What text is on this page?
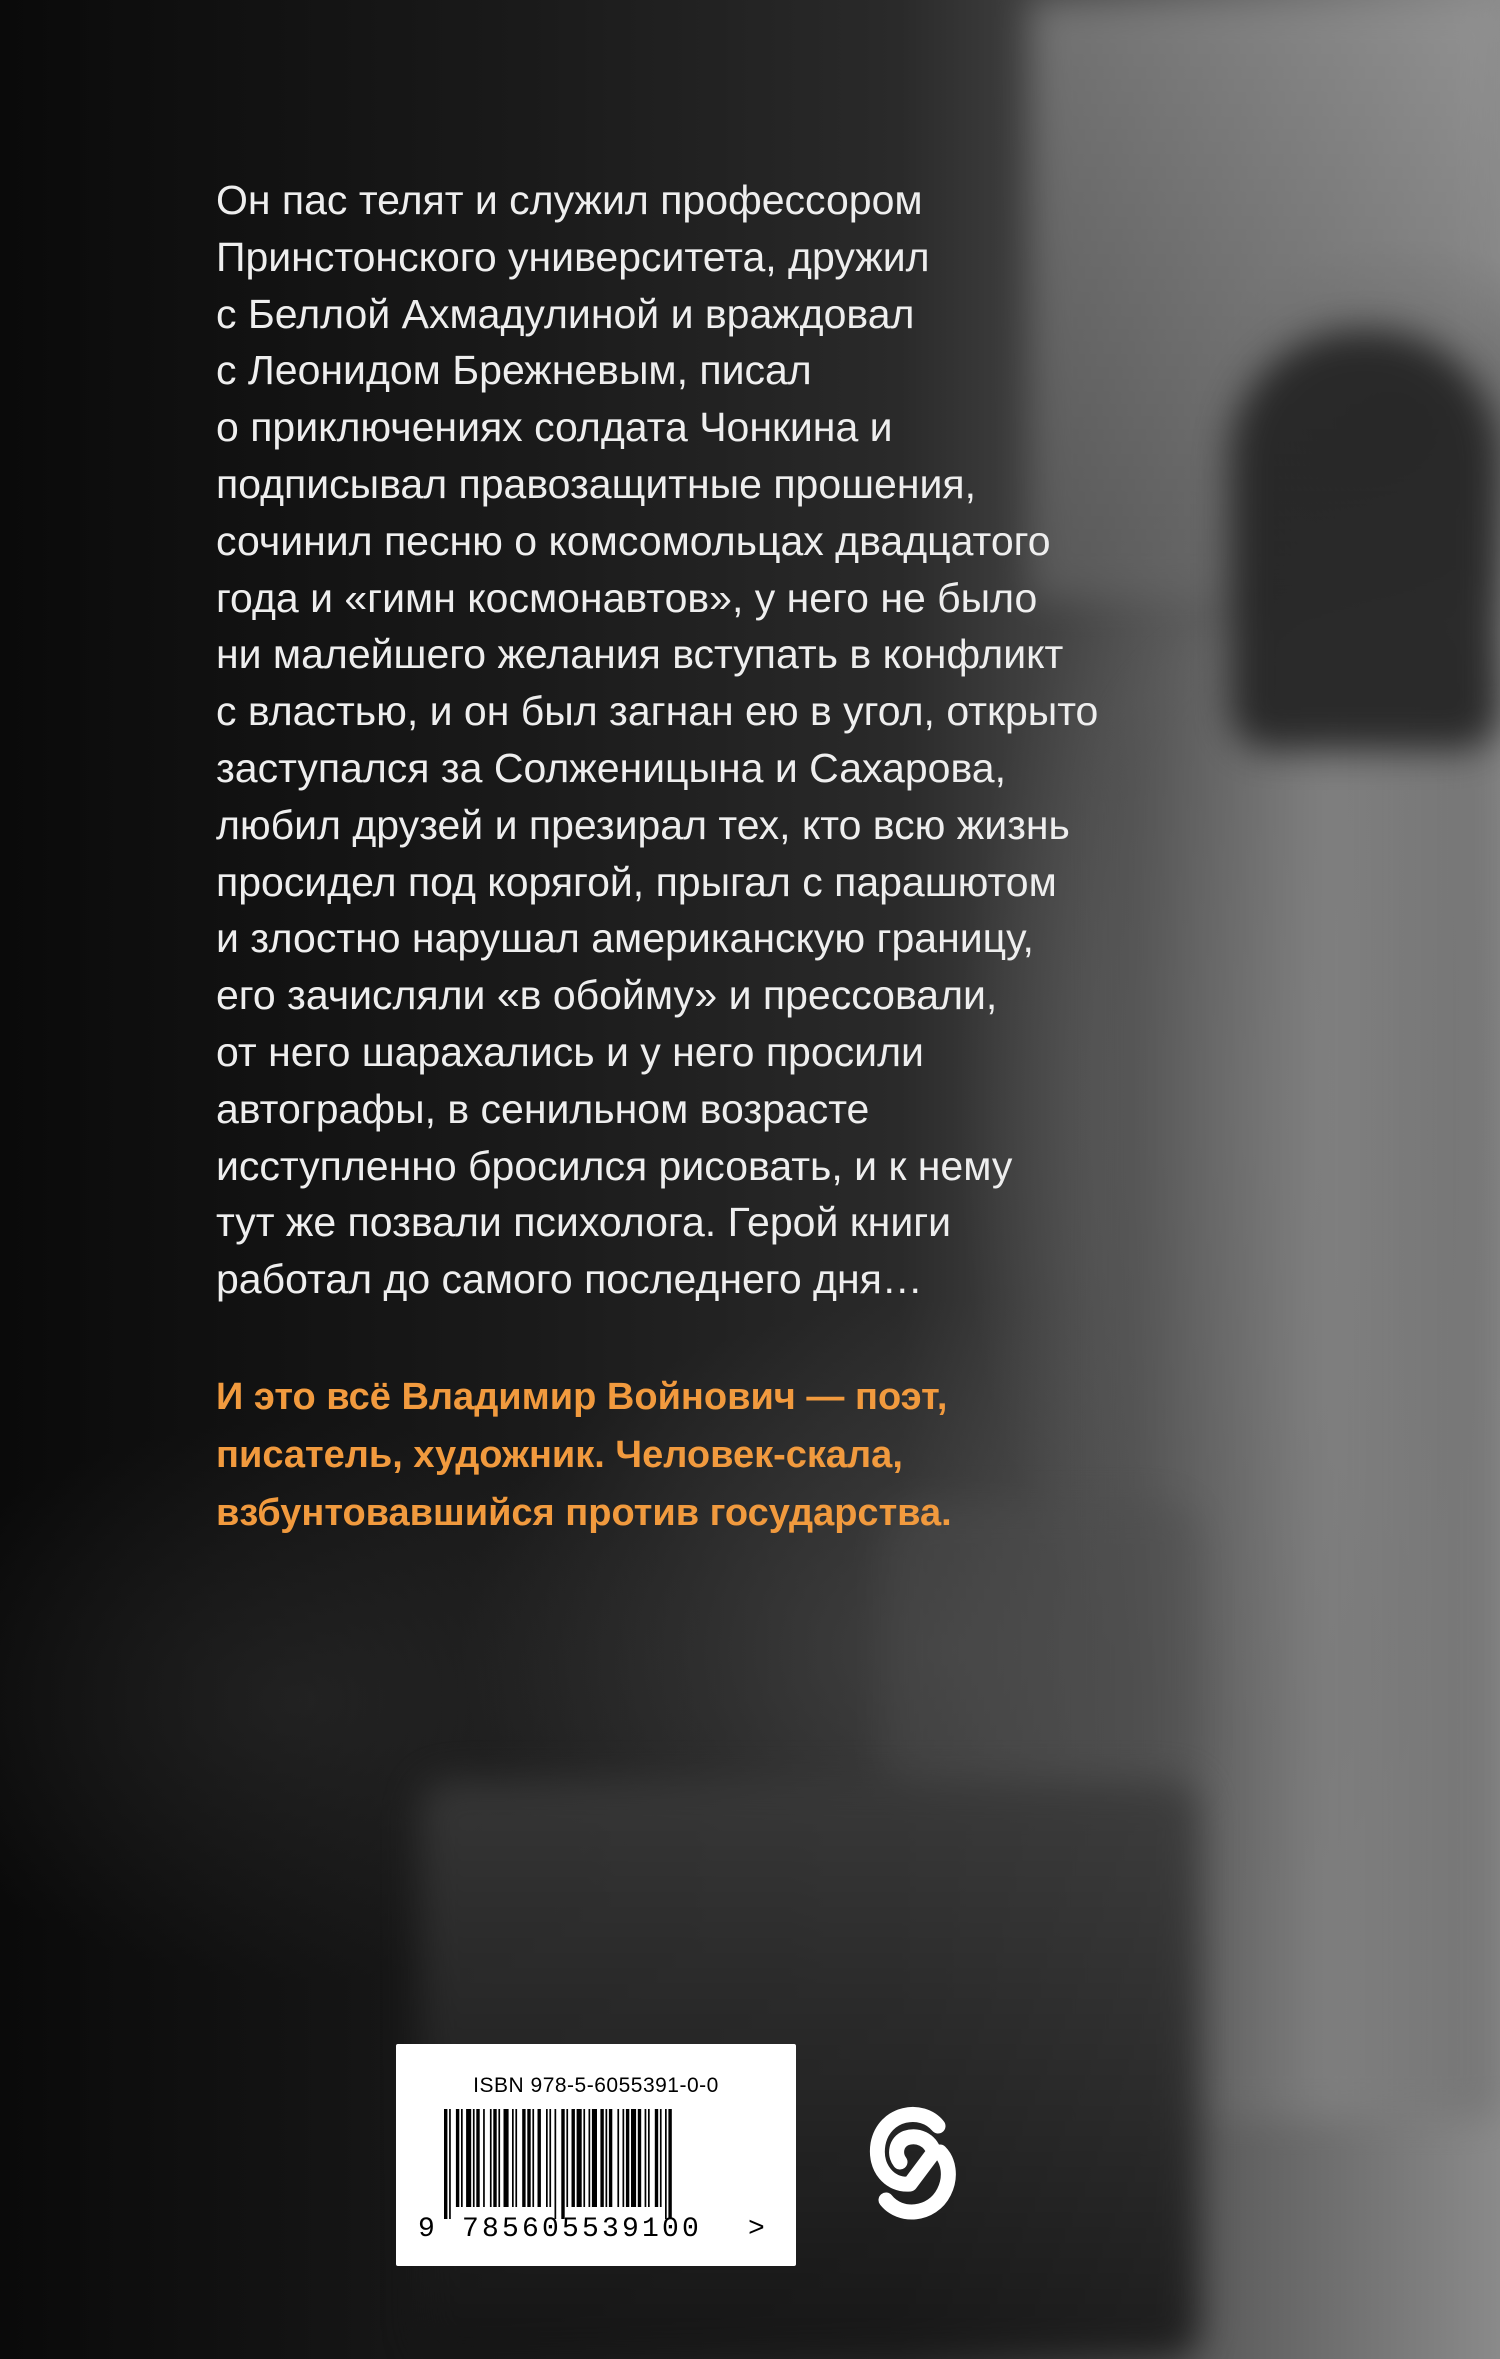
Он пас телят и служил профессором
Принстонского университета, дружил
с Беллой Ахмадулиной и враждовал
с Леонидом Брежневым, писал
о приключениях солдата Чонкина и
подписывал правозащитные прошения,
сочинил песню о комсомольцах двадцатого
года и «гимн космонавтов», у него не было
ни малейшего желания вступать в конфликт
с властью, и он был загнан ею в угол, открыто
заступался за Солженицына и Сахарова,
любил друзей и презирал тех, кто всю жизнь
просидел под корягой, прыгал с парашютом
и злостно нарушал американскую границу,
его зачисляли «в обойму» и прессовали,
от него шарахались и у него просили
автографы, в сенильном возрасте
исступленно бросился рисовать, и к нему
тут же позвали психолога. Герой книги
работал до самого последнего дня…

И это всё Владимир Войнович — поэт,
писатель, художник. Человек-скала,
взбунтовавшийся против государства.

ISBN 978-5-6055391-0-0
9 785605539100 >
